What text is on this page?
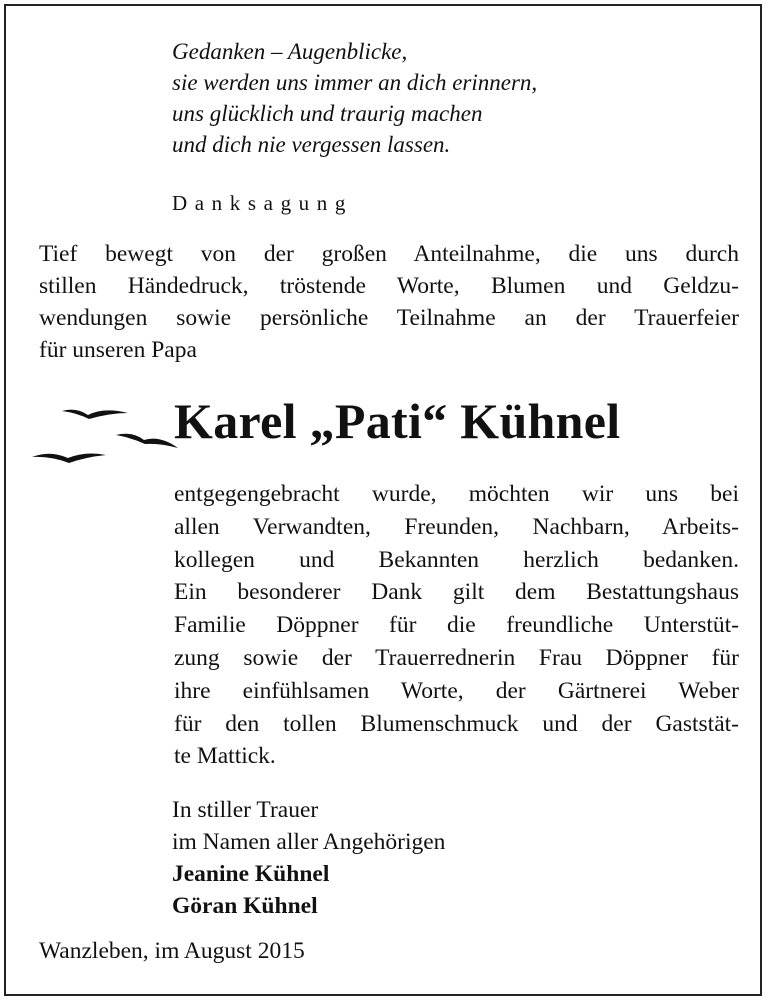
Gedanken – Augenblicke,
sie werden uns immer an dich erinnern,
uns glücklich und traurig machen
und dich nie vergessen lassen.
Danksagung
Tief bewegt von der großen Anteilnahme, die uns durch
stillen Händedruck, tröstende Worte, Blumen und Geldzu-
wendungen sowie persönliche Teilnahme an der Trauerfeier
für unseren Papa
Karel „Pati“ Kühnel
entgegengebracht wurde, möchten wir uns bei
allen Verwandten, Freunden, Nachbarn, Arbeits-
kollegen und Bekannten herzlich bedanken.
Ein besonderer Dank gilt dem Bestattungshaus
Familie Döppner für die freundliche Unterstüt-
zung sowie der Trauerrednerin Frau Döppner für
ihre einfühlsamen Worte, der Gärtnerei Weber
für den tollen Blumenschmuck und der Gaststät-
te Mattick.
In stiller Trauer
im Namen aller Angehörigen
Jeanine Kühnel
Göran Kühnel
Wanzleben, im August 2015
